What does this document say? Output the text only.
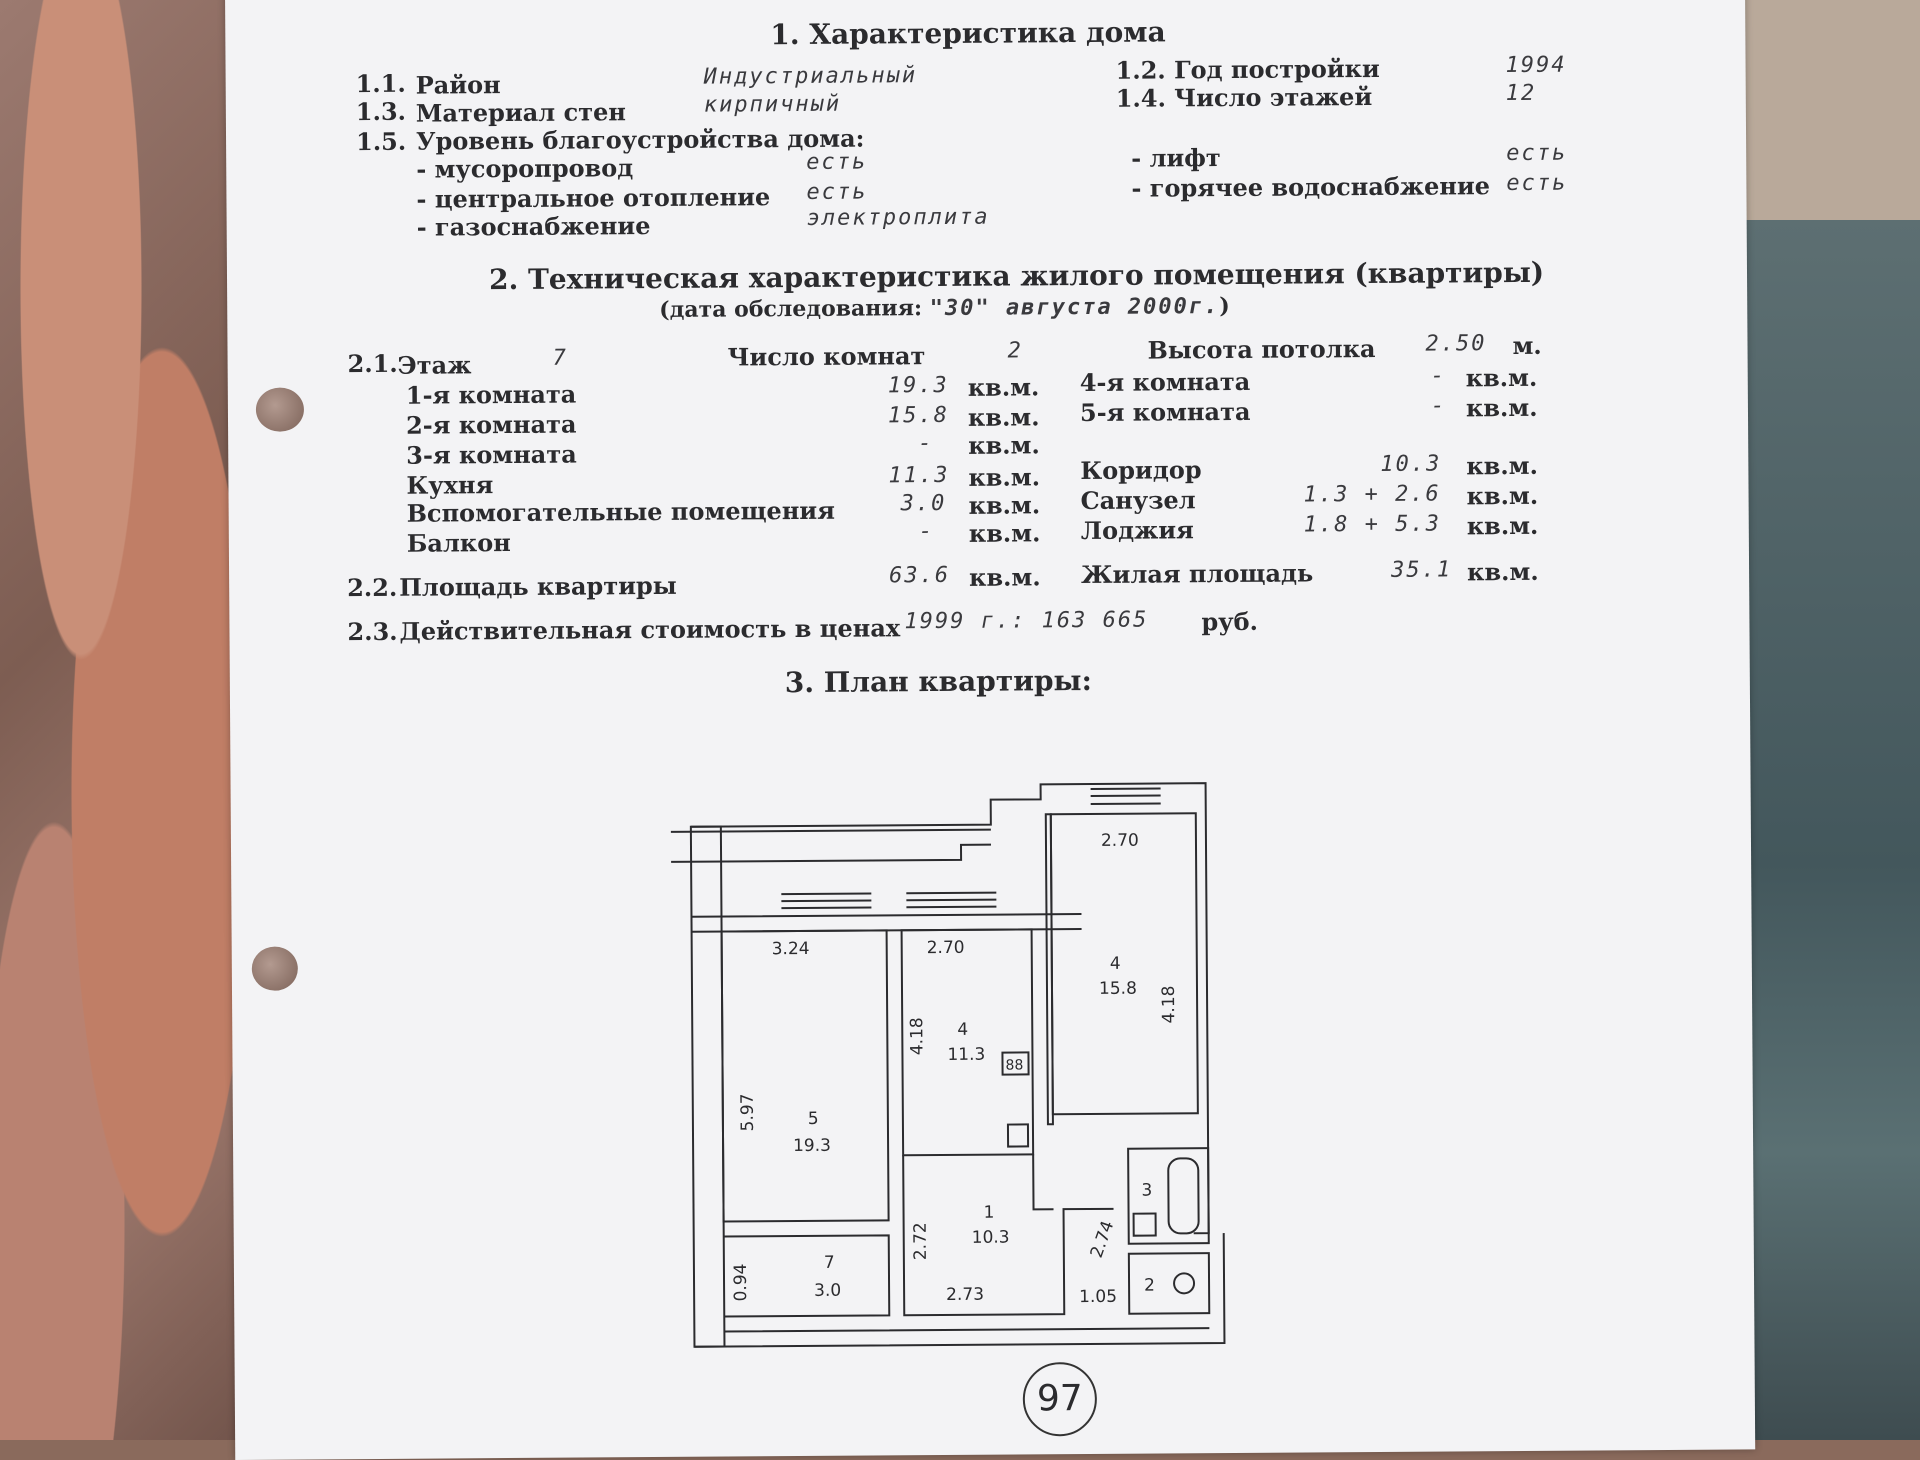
1. Характеристика дома
1.1. Район	Индустриальный	1.2. Год постройки	1994
1.3. Материал стен	кирпичный	1.4. Число этажей	12
1.5. Уровень благоустройства дома:
- мусоропровод	есть
- центральное отопление есть
- газоснабжение	электроплита
- лифт	есть
- горячее водоснабжение есть
2. Техническая характеристика жилого помещения (квартиры)
(дата обследования: "30" августа 2000г.)
2.1. Этаж	7	Число комнат	2	Высота потолка 2.50 м.
1-я комната	19.3 кв.м.
2-я комната	15.8 кв.м.
3-я комната	- кв.м.
Кухня	11.3 кв.м.
Вспомогательные помещения	3.0 кв.м.
Балкон	- кв.м.
4-я комната	- кв.м.
5-я комната	- кв.м.
Коридор	10.3 кв.м.
Санузел	1.3 + 2.6 кв.м.
Лоджия	1.8 + 5.3 кв.м.
2.2. Площадь квартиры	63.6 кв.м. Жилая площадь	35.1 кв.м.
2.3. Действительная стоимость в ценах 1999 г.: 163 665 руб.
3. План квартиры:
3.24	2.70
2.70
5.97
4.18
4.18
5
19.3
4
11.3
88
4
15.8
1
10.3
2.72
2.73
2.74
7
3.0
0.94
3
2
1.05
97
